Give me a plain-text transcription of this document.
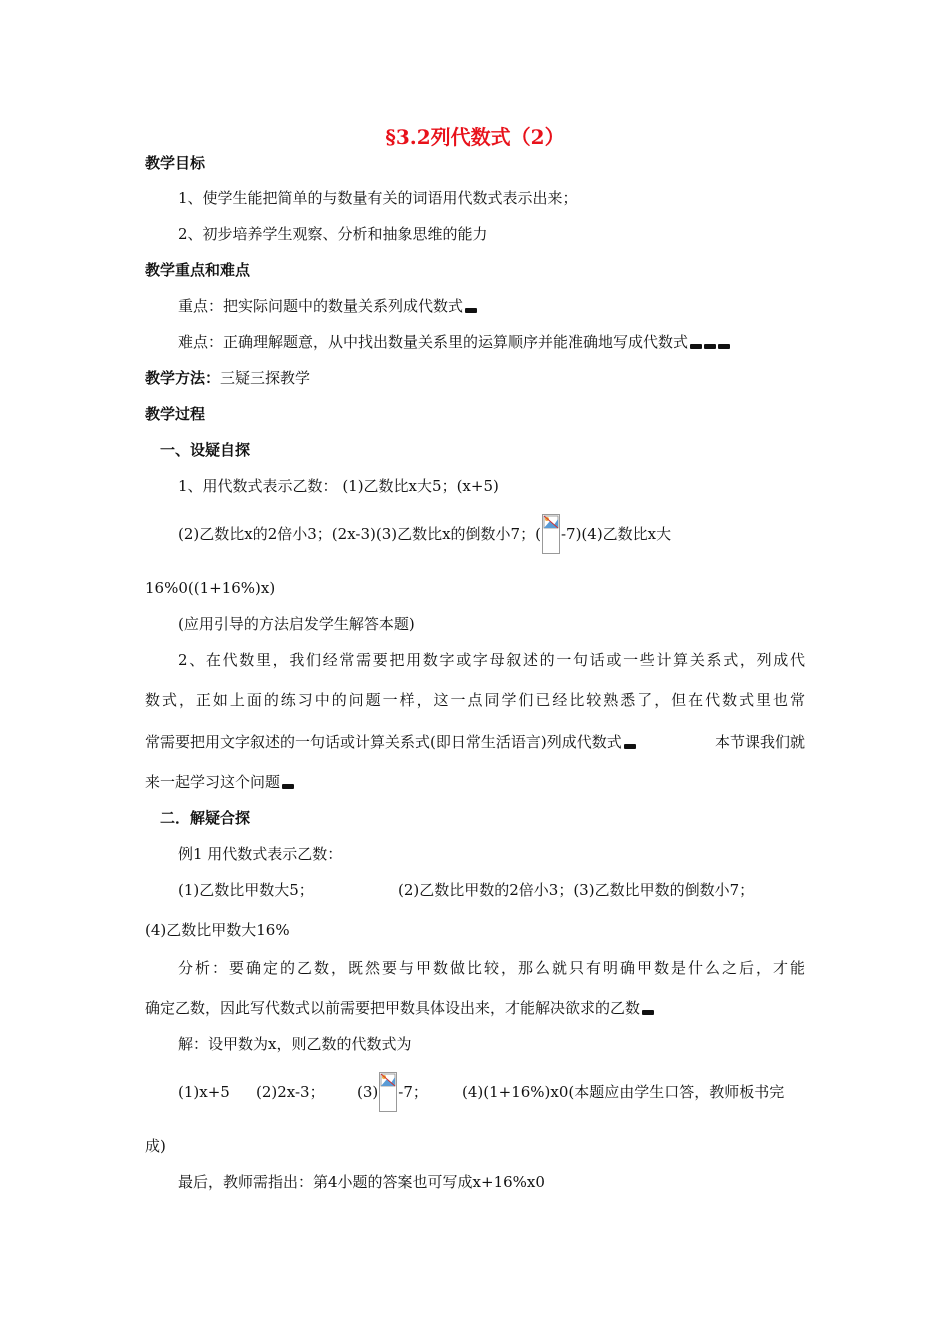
§3.2列代数式（2）
教学目标
1、使学生能把简单的与数量有关的词语用代数式表示出来；
2、初步培养学生观察、分析和抽象思维的能力
教学重点和难点
重点：把实际问题中的数量关系列成代数式
难点：正确理解题意，从中找出数量关系里的运算顺序并能准确地写成代数式
教学方法：三疑三探教学
教学过程
一、设疑自探
1、用代数式表示乙数： (1)乙数比x大5；(x+5)
(2)乙数比x的2倍小3；(2x-3)(3)乙数比x的倒数小7；( -7)(4)乙数比x大
16%0((1+16%)x)
(应用引导的方法启发学生解答本题)
2、在代数里，我们经常需要把用数字或字母叙述的一句话或一些计算关系式，列成代
数式，正如上面的练习中的问题一样，这一点同学们已经比较熟悉了，但在代数式里也常
常需要把用文字叙述的一句话或计算关系式(即日常生活语言)列成代数式	本节课我们就
来一起学习这个问题
二．解疑合探
例1 用代数式表示乙数：
(1)乙数比甲数大5；	(2)乙数比甲数的2倍小3；(3)乙数比甲数的倒数小7；
(4)乙数比甲数大16%
分析：要确定的乙数，既然要与甲数做比较，那么就只有明确甲数是什么之后，才能
确定乙数，因此写代数式以前需要把甲数具体设出来，才能解决欲求的乙数
解：设甲数为x，则乙数的代数式为
(1)x+5 (2)2x-3； (3) -7； (4)(1+16%)x0(本题应由学生口答，教师板书完
成)
最后，教师需指出：第4小题的答案也可写成x+16%x0
